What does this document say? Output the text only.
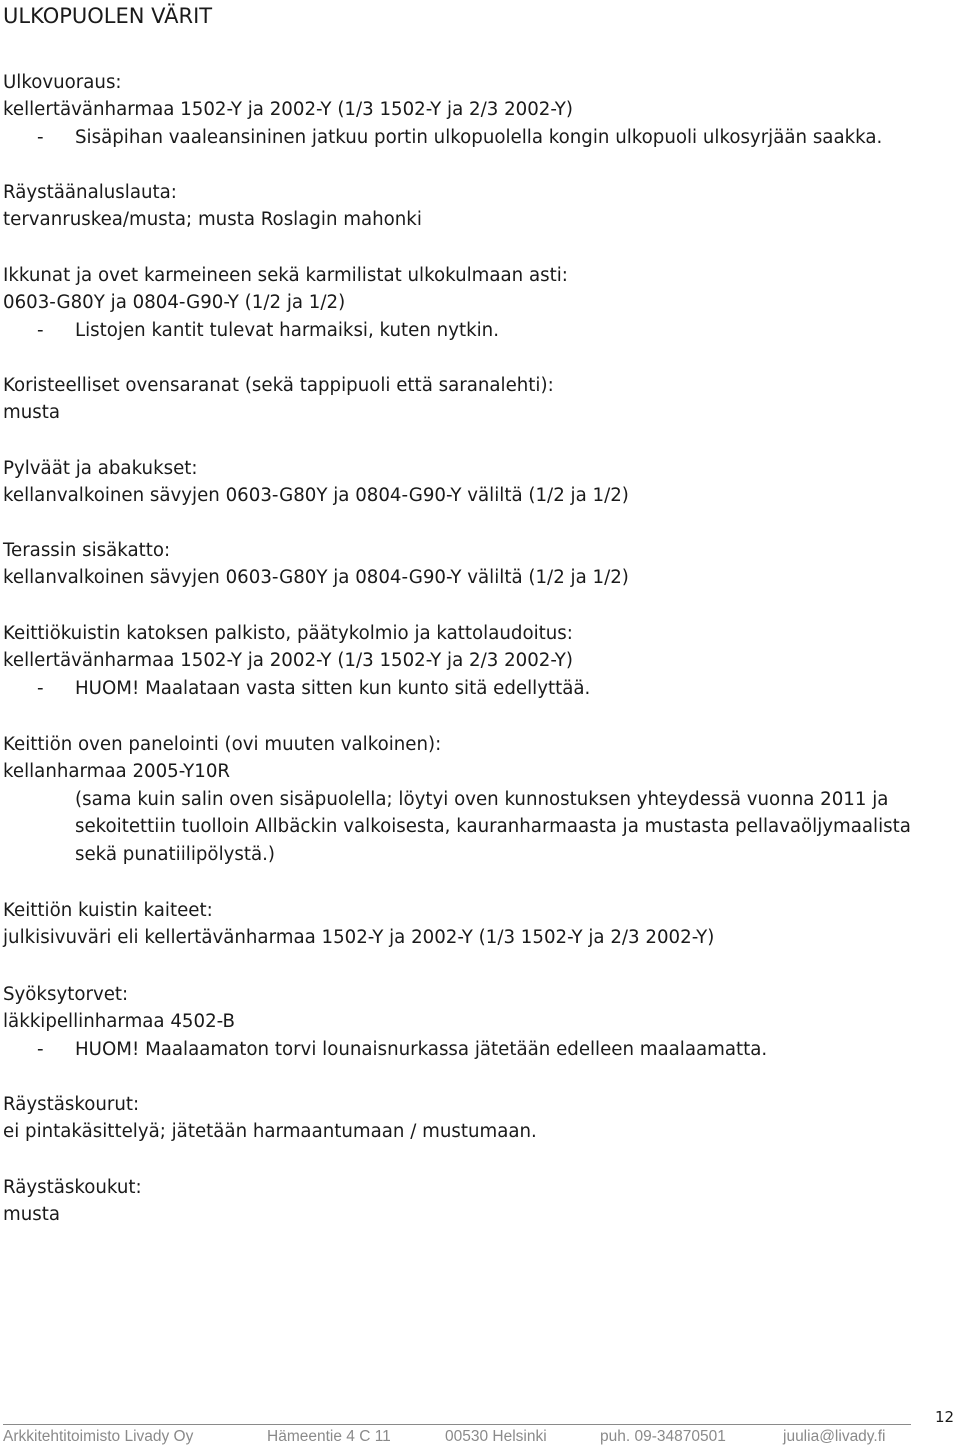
ULKOPUOLEN VÄRIT
Ulkovuoraus:
kellertävänharmaa 1502-Y ja 2002-Y (1/3 1502-Y ja 2/3 2002-Y)
- Sisäpihan vaaleansininen jatkuu portin ulkopuolella kongin ulkopuoli ulkosyrjään saakka.
Räystäänaluslauta:
tervanruskea/musta; musta Roslagin mahonki
Ikkunat ja ovet karmeineen sekä karmilistat ulkokulmaan asti:
0603-G80Y ja 0804-G90-Y (1/2 ja 1/2)
- Listojen kantit tulevat harmaiksi, kuten nytkin.
Koristeelliset ovensaranat (sekä tappipuoli että saranalehti):
musta
Pylväät ja abakukset:
kellanvalkoinen sävyjen 0603-G80Y ja 0804-G90-Y väliltä (1/2 ja 1/2)
Terassin sisäkatto:
kellanvalkoinen sävyjen 0603-G80Y ja 0804-G90-Y väliltä (1/2 ja 1/2)
Keittiökuistin katoksen palkisto, päätykolmio ja kattolaudoitus:
kellertävänharmaa 1502-Y ja 2002-Y (1/3 1502-Y ja 2/3 2002-Y)
- HUOM! Maalataan vasta sitten kun kunto sitä edellyttää.
Keittiön oven panelointi (ovi muuten valkoinen):
kellanharmaa 2005-Y10R
(sama kuin salin oven sisäpuolella; löytyi oven kunnostuksen yhteydessä vuonna 2011 ja sekoitettiin tuolloin Allbäckin valkoisesta, kauranharmaasta ja mustasta pellavaöljymaalista sekä punatiilipölystä.)
Keittiön kuistin kaiteet:
julkisivuväri eli kellertävänharmaa 1502-Y ja 2002-Y (1/3 1502-Y ja 2/3 2002-Y)
Syöksytorvet:
läkkipellinharmaa 4502-B
- HUOM! Maalaamaton torvi lounaisnurkassa jätetään edelleen maalaamatta.
Räystäskourut:
ei pintakäsittelyä; jätetään harmaantumaan / mustumaan.
Räystäskoukut:
musta
12
Arkkitehtitoimisto Livady Oy	Hämeentie 4 C 11	00530 Helsinki	puh. 09-34870501	juulia@livady.fi
